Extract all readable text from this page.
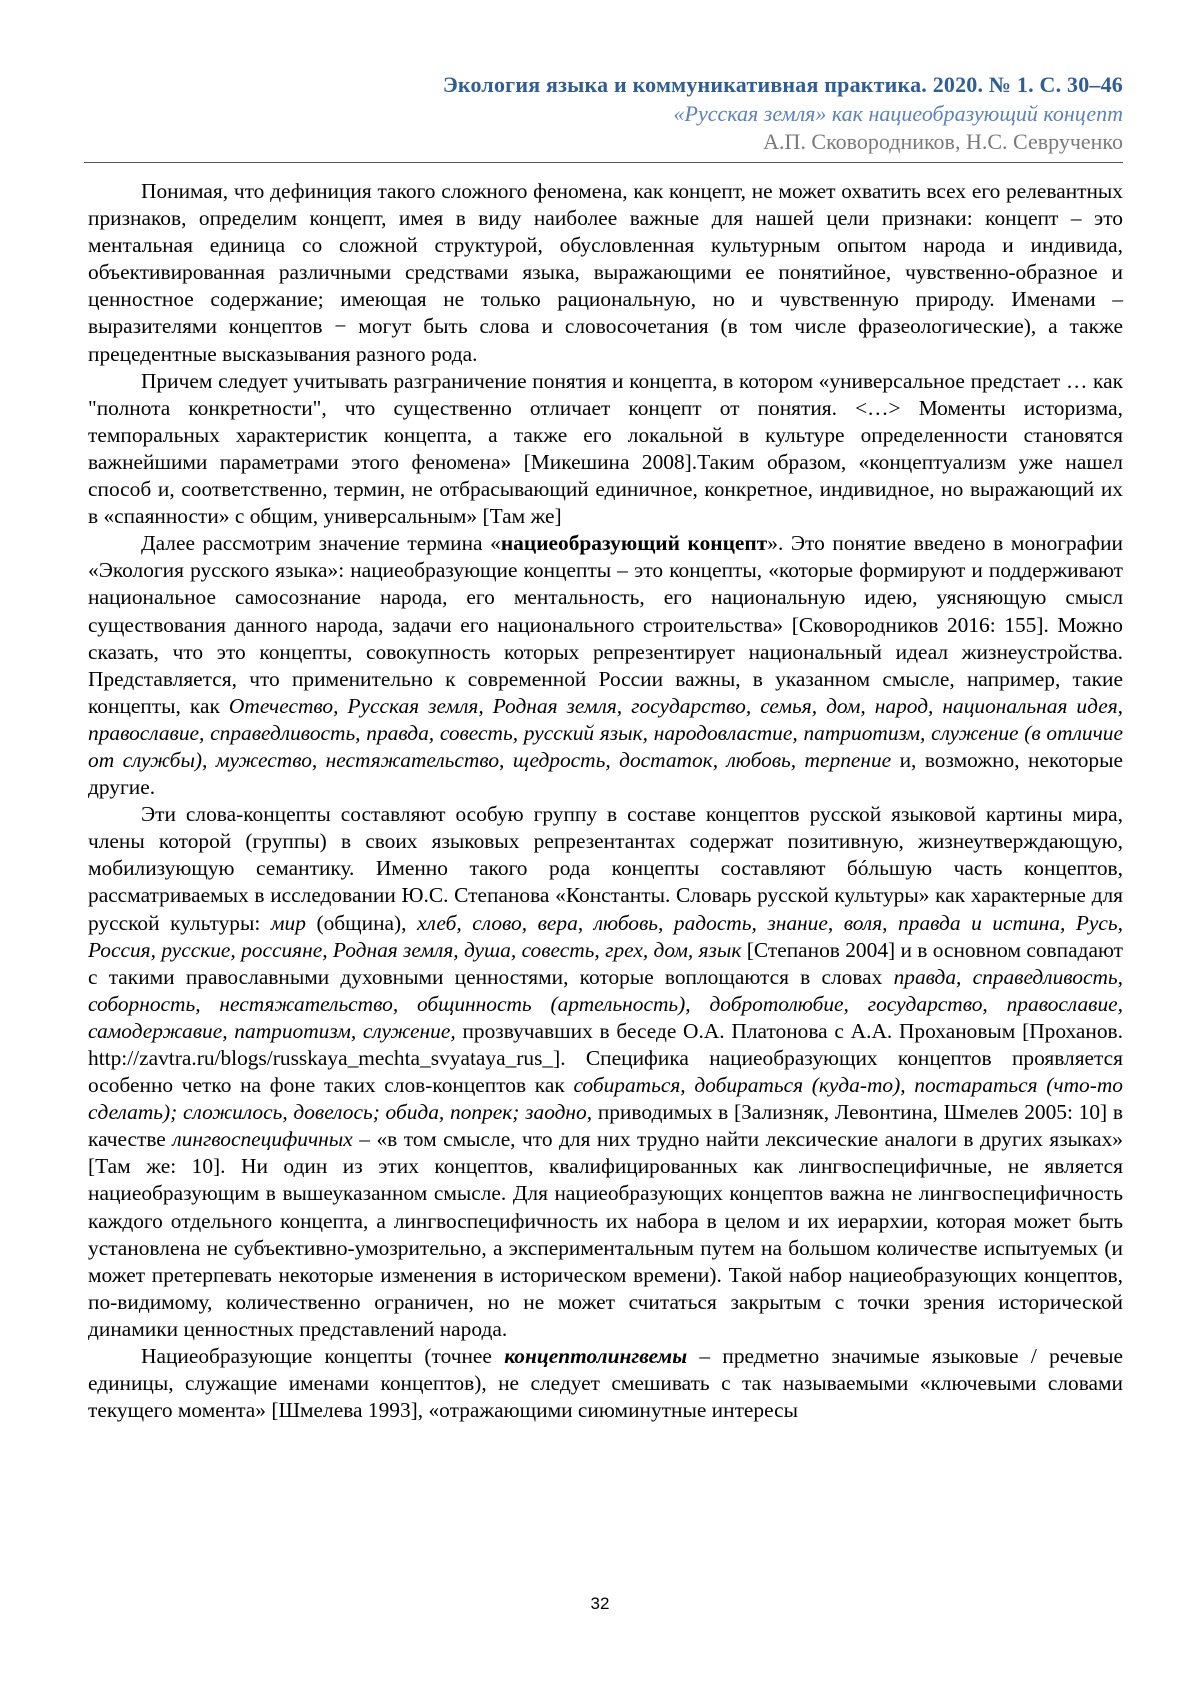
Экология языка и коммуникативная практика. 2020. № 1. С. 30–46
«Русская земля» как нациеобразующий концепт
А.П. Сковородников, Н.С. Севрученко

Понимая, что дефиниция такого сложного феномена, как концепт, не может охватить всех его релевантных признаков, определим концепт, имея в виду наиболее важные для нашей цели признаки: концепт – это ментальная единица со сложной структурой, обусловленная культурным опытом народа и индивида, объективированная различными средствами языка, выражающими ее понятийное, чувственно-образное и ценностное содержание; имеющая не только рациональную, но и чувственную природу. Именами – выразителями концептов − могут быть слова и словосочетания (в том числе фразеологические), а также прецедентные высказывания разного рода.

Причем следует учитывать разграничение понятия и концепта, в котором «универсальное предстает … как "полнота конкретности", что существенно отличает концепт от понятия. <…> Моменты историзма, темпоральных характеристик концепта, а также его локальной в культуре определенности становятся важнейшими параметрами этого феномена» [Микешина 2008].Таким образом, «концептуализм уже нашел способ и, соответственно, термин, не отбрасывающий единичное, конкретное, индивидное, но выражающий их в «спаянности» с общим, универсальным» [Там же]

Далее рассмотрим значение термина «нациеобразующий концепт». Это понятие введено в монографии «Экология русского языка»: нациеобразующие концепты – это концепты, «которые формируют и поддерживают национальное самосознание народа, его ментальность, его национальную идею, уясняющую смысл существования данного народа, задачи его национального строительства» [Сковородников 2016: 155]. Можно сказать, что это концепты, совокупность которых репрезентирует национальный идеал жизнеустройства. Представляется, что применительно к современной России важны, в указанном смысле, например, такие концепты, как Отечество, Русская земля, Родная земля, государство, семья, дом, народ, национальная идея, православие, справедливость, правда, совесть, русский язык, народовластие, патриотизм, служение (в отличие от службы), мужество, нестяжательство, щедрость, достаток, любовь, терпение и, возможно, некоторые другие.

Эти слова-концепты составляют особую группу в составе концептов русской языковой картины мира, члены которой (группы) в своих языковых репрезентантах содержат позитивную, жизнеутверждающую, мобилизующую семантику. Именно такого рода концепты составляют бóльшую часть концептов, рассматриваемых в исследовании Ю.С. Степанова «Константы. Словарь русской культуры» как характерные для русской культуры: мир (община), хлеб, слово, вера, любовь, радость, знание, воля, правда и истина, Русь, Россия, русские, россияне, Родная земля, душа, совесть, грех, дом, язык [Степанов 2004] и в основном совпадают с такими православными духовными ценностями, которые воплощаются в словах правда, справедливость, соборность, нестяжательство, общинность (артельность), добротолюбие, государство, православие, самодержавие, патриотизм, служение, прозвучавших в беседе О.А. Платонова с А.А. Прохановым [Проханов. http://zavtra.ru/blogs/russkaya_mechta_svyataya_rus_]. Специфика нациеобразующих концептов проявляется особенно четко на фоне таких слов-концептов как собираться, добираться (куда-то), постараться (что-то сделать); сложилось, довелось; обида, попрек; заодно, приводимых в [Зализняк, Левонтина, Шмелев 2005: 10] в качестве лингвоспецифичных – «в том смысле, что для них трудно найти лексические аналоги в других языках» [Там же: 10]. Ни один из этих концептов, квалифицированных как лингвоспецифичные, не является нациеобразующим в вышеуказанном смысле. Для нациеобразующих концептов важна не лингвоспецифичность каждого отдельного концепта, а лингвоспецифичность их набора в целом и их иерархии, которая может быть установлена не субъективно-умозрительно, а экспериментальным путем на большом количестве испытуемых (и может претерпевать некоторые изменения в историческом времени). Такой набор нациеобразующих концептов, по-видимому, количественно ограничен, но не может считаться закрытым с точки зрения исторической динамики ценностных представлений народа.

Нациеобразующие концепты (точнее концептолингвемы – предметно значимые языковые / речевые единицы, служащие именами концептов), не следует смешивать с так называемыми «ключевыми словами текущего момента» [Шмелева 1993], «отражающими сиюминутные интересы

32
